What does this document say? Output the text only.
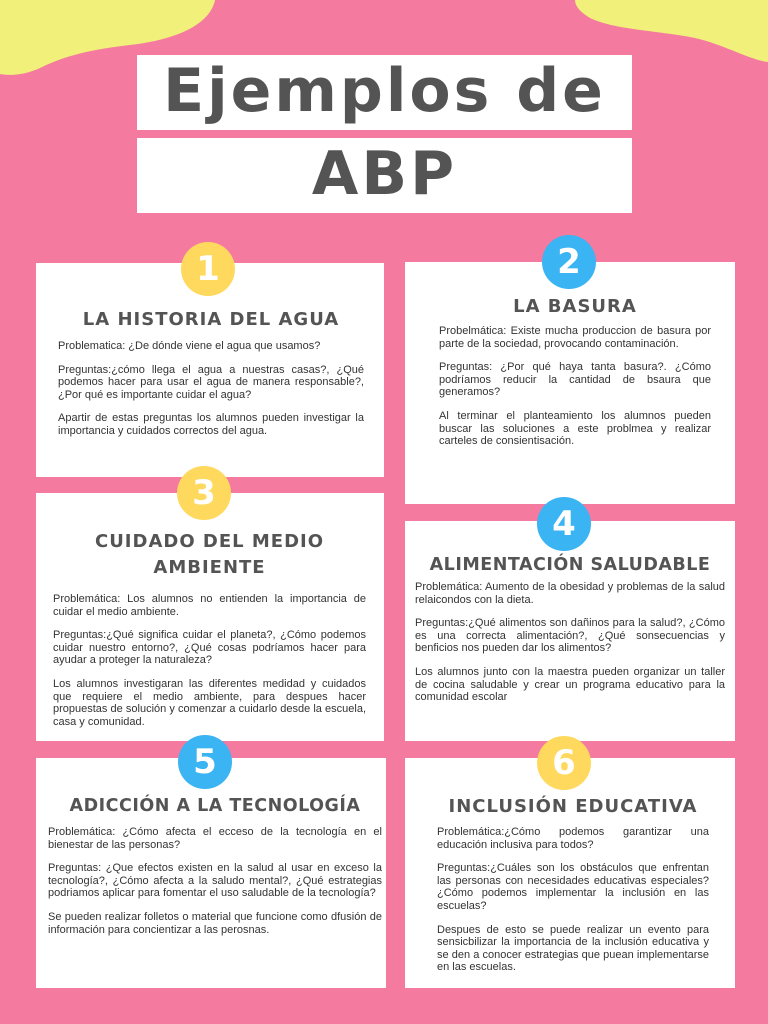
Ejemplos de
ABP
LA HISTORIA DEL AGUA

Problematica: ¿De dónde viene el agua que usamos?

Preguntas:¿cómo llega el agua a nuestras casas?, ¿Qué podemos hacer para usar el agua de manera responsable?, ¿Por qué es importante cuidar el agua?

Apartir de estas preguntas los alumnos pueden investigar la importancia y cuidados correctos del agua.

1
LA BASURA

Probelmática: Existe mucha produccion de basura por parte de la sociedad, provocando contaminación.

Preguntas: ¿Por qué haya tanta basura?. ¿Cómo podríamos reducir la cantidad de bsaura que generamos?

Al terminar el planteamiento los alumnos pueden buscar las soluciones a este problmea y realizar carteles de consientisación.

2
CUIDADO DEL MEDIO AMBIENTE

Problemática: Los alumnos no entienden la importancia de cuidar el medio ambiente.

Preguntas:¿Qué significa cuidar el planeta?, ¿Cómo podemos cuidar nuestro entorno?, ¿Qué cosas podríamos hacer para ayudar a proteger la naturaleza?

Los alumnos investigaran las diferentes medidad y cuidados que requiere el medio ambiente, para despues hacer propuestas de solución y comenzar a cuidarlo desde la escuela, casa y comunidad.

3
ALIMENTACIÓN SALUDABLE

Problemática: Aumento de la obesidad y problemas de la salud relaicondos con la dieta.

Preguntas:¿Qué alimentos son dañinos para la salud?, ¿Cómo es una correcta alimentación?, ¿Qué sonsecuencias y benficios nos pueden dar los alimentos?

Los alumnos junto con la maestra pueden organizar un taller de cocina saludable y crear un programa educativo para la comunidad escolar

4
ADICCIÓN A LA TECNOLOGÍA

Problemática: ¿Cómo afecta el ecceso de la tecnología en el bienestar de las personas?

Preguntas: ¿Que efectos existen en la salud al usar en exceso la tecnología?, ¿Cómo afecta a la saludo mental?, ¿Qué estrategias podriamos aplicar para fomentar el uso saludable de la tecnología?

Se pueden realizar folletos o material que funcione como dfusión de información para concientizar a las perosnas.

5
INCLUSIÓN EDUCATIVA

Problemática:¿Cómo podemos garantizar una educación inclusiva para todos?

Preguntas:¿Cuáles son los obstáculos que enfrentan las personas con necesidades educativas especiales?¿Cómo podemos implementar la inclusión en las escuelas?

Despues de esto se puede realizar un evento para sensicbilizar la importancia de la inclusión educativa y se den a conocer estrategias que puean implementarse en las escuelas.

6
